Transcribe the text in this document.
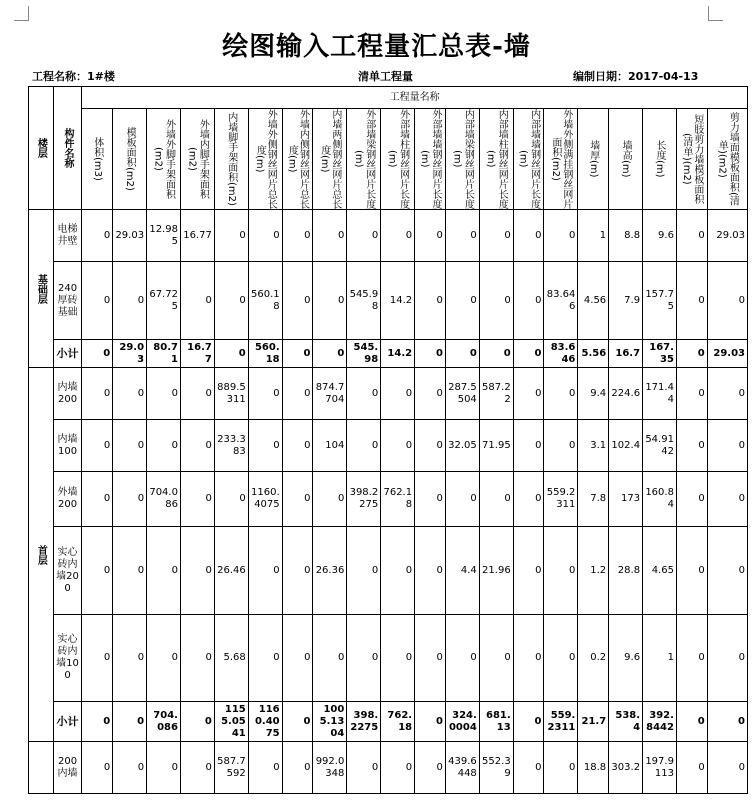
绘图输入工程量汇总表-墙
工程名称：1#楼	清单工程量	编制日期：2017-04-13
楼层	构件名称	工程量名称																			

		体积(m3)	模板面积(m2)	外墙外脚手架面积(m2)	外墙内脚手架面积(m2)	内墙脚手架面积(m2)	外墙外侧钢丝网片总长度(m)	外墙内侧钢丝网片总长度(m)	内墙两侧钢丝网片总长度(m)	外部墙梁钢丝网片长度(m)	外部墙柱钢丝网片长度(m)	外部墙墙钢丝网片长度(m)	内部墙梁钢丝网片长度(m)	内部墙柱钢丝网片长度(m)	内部墙墙钢丝网片长度(m)	外墙外侧满挂钢丝网片面积(m2)	墙厚(m)	墙高(m)	长度(m)	短肢剪力墙模板面积(清单)(m2)	剪力墙面模板面积(清单)(m2)

基础层	电梯井壁	0	29.03	12.985	16.77	0	0	0	0	0	0	0	0	0	0	0	1	8.8	9.6	0	29.03
	240厚砖基础	0	0	67.725	0	0	560.18	0	0	545.98	14.2	0	0	0	0	83.646	4.56	7.9	157.75	0	0
	小计	0	29.03	80.71	16.77	0	560.18	0	0	545.98	14.2	0	0	0	0	83.646	5.56	16.7	167.35	0	29.03

首层	内墙200	0	0	0	0	889.5311	0	0	874.7704	0	0	0	287.5504	587.22	0	0	9.4	224.6	171.44	0	0
	内墙100	0	0	0	0	233.383	0	0	104	0	0	0	32.05	71.95	0	0	3.1	102.4	54.9142	0	0
	外墙200	0	0	704.086	0	0	1160.4075	0	0	398.2275	762.18	0	0	0	0	559.2311	7.8	173	160.84	0	0
	实心砖内墙200	0	0	0	0	26.46	0	0	26.36	0	0	0	4.4	21.96	0	0	1.2	28.8	4.65	0	0
	实心砖内墙100	0	0	0	0	5.68	0	0	0	0	0	0	0	0	0	0	0.2	9.6	1	0	0
	小计	0	0	704.086	0	1155.0541	1160.4075	0	1005.1304	398.2275	762.18	0	324.0004	681.13	0	559.2311	21.7	538.4	392.8442	0	0

	200内墙	0	0	0	0	587.7592	0	0	992.0348	0	0	0	439.6448	552.39	0	0	18.8	303.2	197.9113	0	0
